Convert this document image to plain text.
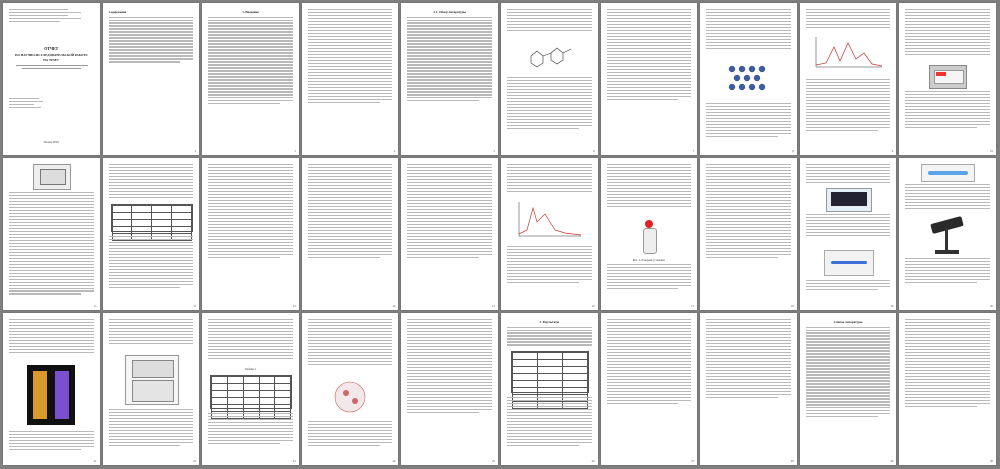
ОТЧЕТ
ПО НАУЧНО-ИССЛЕДОВАТЕЛЬСКОЙ РАБОТЕ
НА ТЕМУ:
Москва 20ХХ
Содержание
2
1. Введение
3	4
2.1. Обзор литературы
5	6	7	8	9	10
11

				12	13	14	15	16
Рис. 2. Лазерная установка
17	18	19	20
21	22
Таблица 1

23	24	25
3. Результаты

26	27	28
Список литературы
29	30
